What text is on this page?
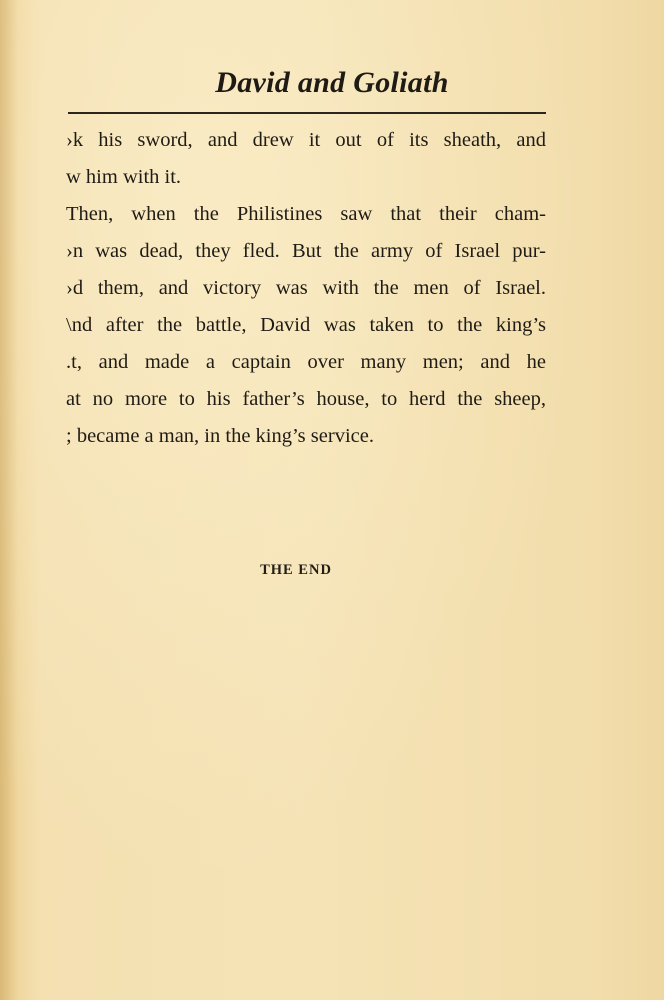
David and Goliath
›k his sword, and drew it out of its sheath, and
w him with it.
Then, when the Philistines saw that their cham-
›n was dead, they fled. But the army of Israel pur-
›d them, and victory was with the men of Israel.
\nd after the battle, David was taken to the king’s
.t, and made a captain over many men; and he
at no more to his father’s house, to herd the sheep,
; became a man, in the king’s service.
THE END
